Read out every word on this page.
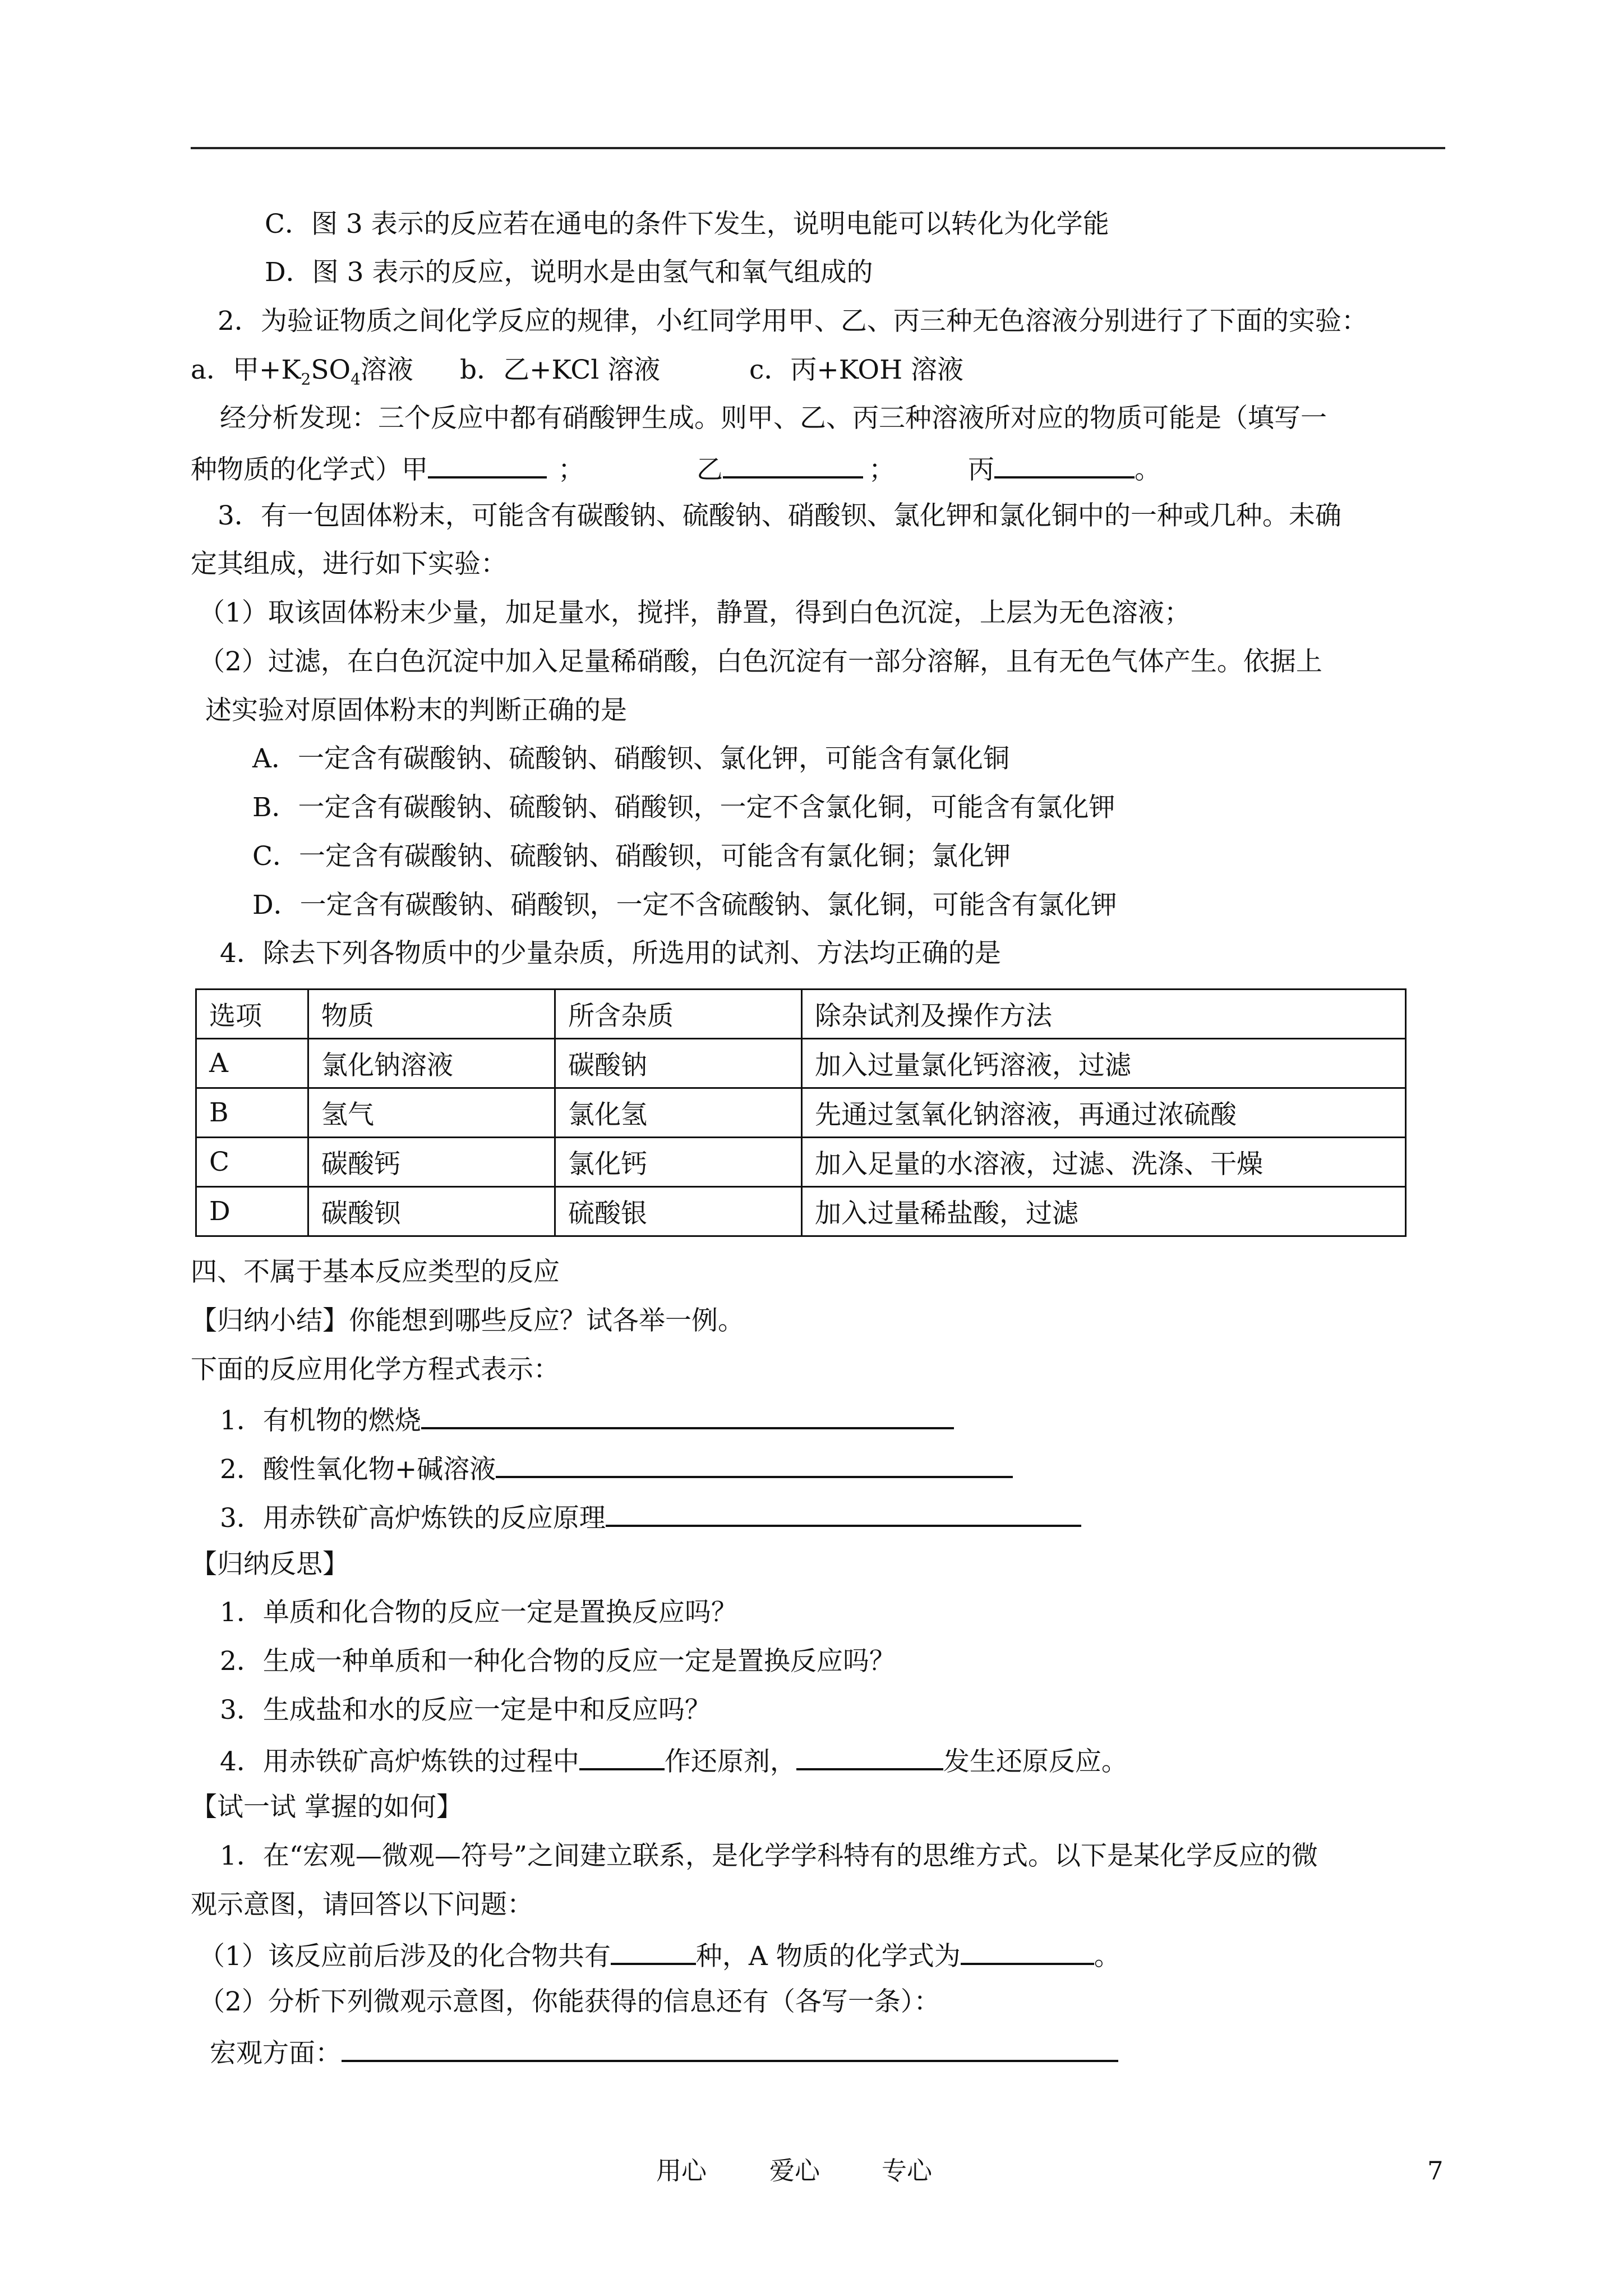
C．图 3 表示的反应若在通电的条件下发生，说明电能可以转化为化学能
D．图 3 表示的反应，说明水是由氢气和氧气组成的
2．为验证物质之间化学反应的规律，小红同学用甲、乙、丙三种无色溶液分别进行了下面的实验：
a．甲$+K_2SO_4$溶液 b．乙+KCl 溶液	c．丙+KOH 溶液
经分析发现：三个反应中都有硝酸钾生成。则甲、乙、丙三种溶液所对应的物质可能是（填写一
种物质的化学式）甲	；	乙	；	丙	。
3．有一包固体粉末，可能含有碳酸钠、硫酸钠、硝酸钡、氯化钾和氯化铜中的一种或几种。未确
定其组成，进行如下实验：
（1）取该固体粉末少量，加足量水，搅拌，静置，得到白色沉淀，上层为无色溶液；
（2）过滤，在白色沉淀中加入足量稀硝酸，白色沉淀有一部分溶解，且有无色气体产生。依据上
述实验对原固体粉末的判断正确的是
A．一定含有碳酸钠、硫酸钠、硝酸钡、氯化钾，可能含有氯化铜
B．一定含有碳酸钠、硫酸钠、硝酸钡，一定不含氯化铜，可能含有氯化钾
C．一定含有碳酸钠、硫酸钠、硝酸钡，可能含有氯化铜；氯化钾
D．一定含有碳酸钠、硝酸钡，一定不含硫酸钠、氯化铜，可能含有氯化钾
4．除去下列各物质中的少量杂质，所选用的试剂、方法均正确的是
选项	物质	所含杂质	除杂试剂及操作方法
A	氯化钠溶液	碳酸钠	加入过量氯化钙溶液，过滤
B	氢气	氯化氢	先通过氢氧化钠溶液，再通过浓硫酸
C	碳酸钙	氯化钙	加入足量的水溶液，过滤、洗涤、干燥
D	碳酸钡	硫酸银	加入过量稀盐酸，过滤
四、不属于基本反应类型的反应
【归纳小结】你能想到哪些反应？试各举一例。
下面的反应用化学方程式表示：
1．有机物的燃烧
2．酸性氧化物+碱溶液
3．用赤铁矿高炉炼铁的反应原理
【归纳反思】
1．单质和化合物的反应一定是置换反应吗？
2．生成一种单质和一种化合物的反应一定是置换反应吗？
3．生成盐和水的反应一定是中和反应吗？
4．用赤铁矿高炉炼铁的过程中	作还原剂，	发生还原反应。
【试一试 掌握的如何】
1．在“宏观—微观—符号”之间建立联系，是化学学科特有的思维方式。以下是某化学反应的微
观示意图，请回答以下问题：
（1）该反应前后涉及的化合物共有	种，A 物质的化学式为	。
（2）分析下列微观示意图，你能获得的信息还有（各写一条）：
宏观方面：
用心 爱心 专心	7
